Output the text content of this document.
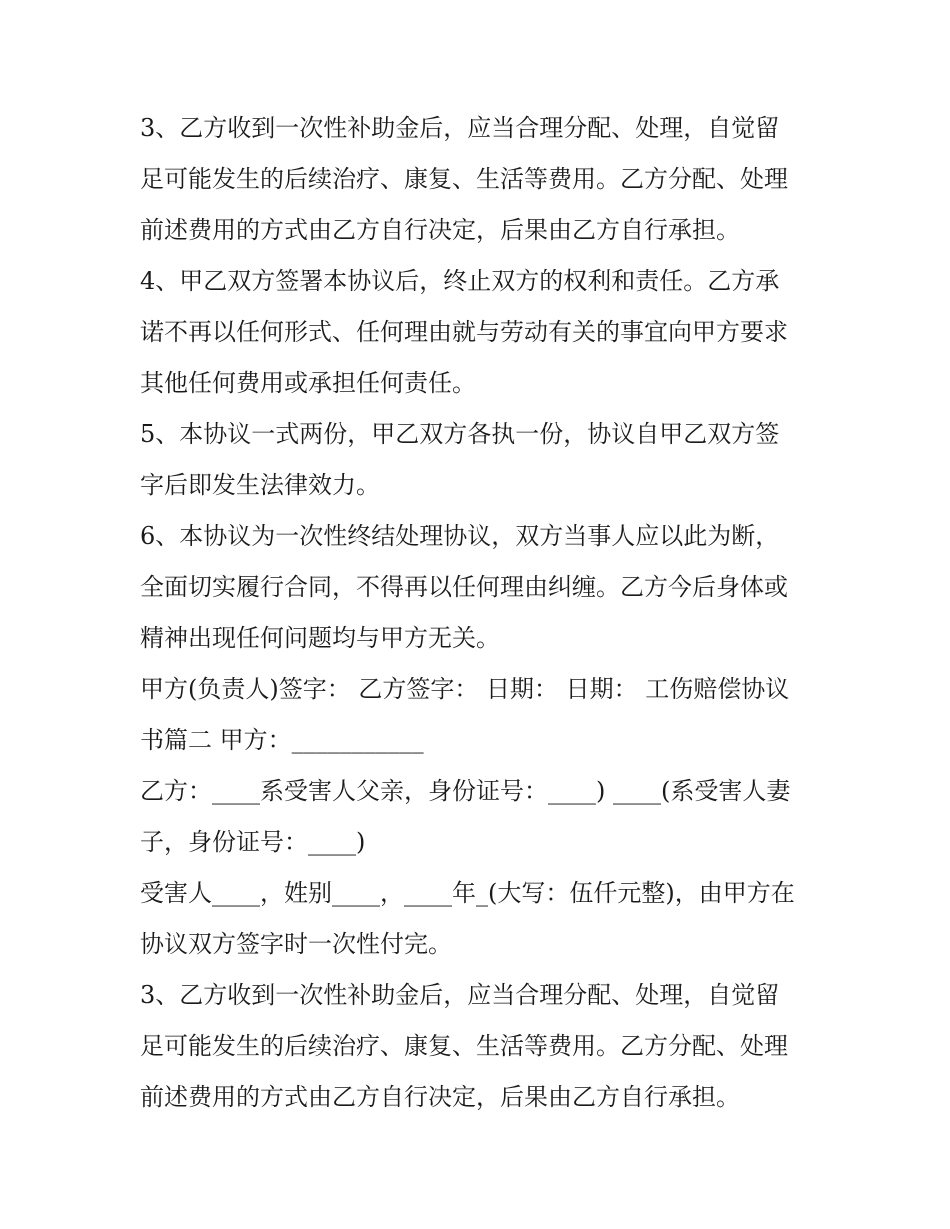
3、乙方收到一次性补助金后，应当合理分配、处理，自觉留
足可能发生的后续治疗、康复、生活等费用。乙方分配、处理
前述费用的方式由乙方自行决定，后果由乙方自行承担。
4、甲乙双方签署本协议后，终止双方的权利和责任。乙方承
诺不再以任何形式、任何理由就与劳动有关的事宜向甲方要求
其他任何费用或承担任何责任。
5、本协议一式两份，甲乙双方各执一份，协议自甲乙双方签
字后即发生法律效力。
6、本协议为一次性终结处理协议，双方当事人应以此为断，
全面切实履行合同，不得再以任何理由纠缠。乙方今后身体或
精神出现任何问题均与甲方无关。
甲方(负责人)签字： 乙方签字： 日期： 日期： 工伤赔偿协议
书篇二 甲方：___________
乙方：____系受害人父亲，身份证号：____) ____(系受害人妻
子，身份证号：____)
受害人____，姓别____，____年_(大写：伍仟元整)，由甲方在
协议双方签字时一次性付完。
3、乙方收到一次性补助金后，应当合理分配、处理，自觉留
足可能发生的后续治疗、康复、生活等费用。乙方分配、处理
前述费用的方式由乙方自行决定，后果由乙方自行承担。
